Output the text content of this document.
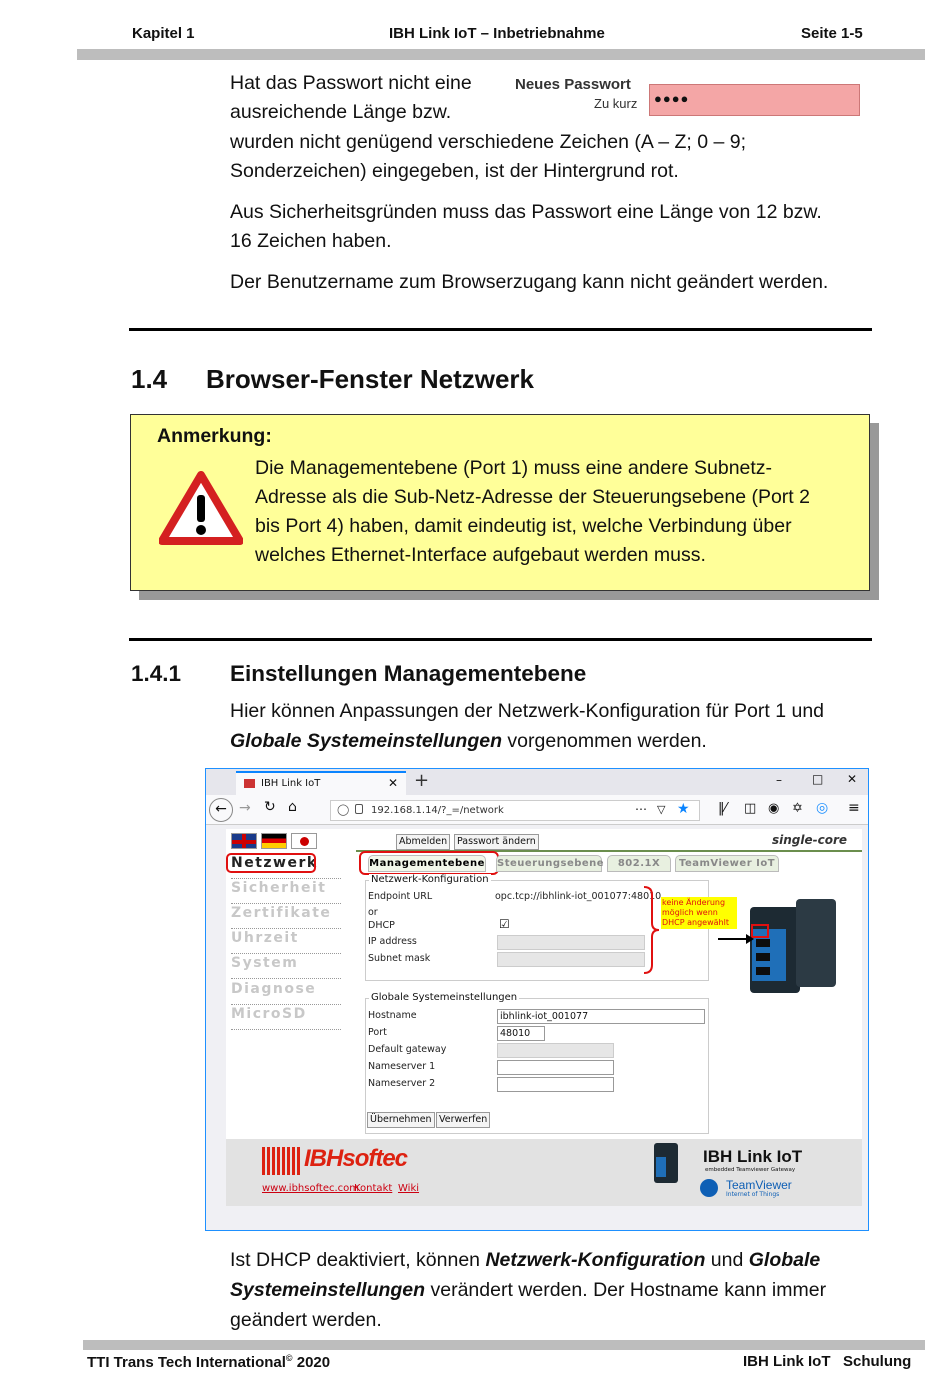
Kapitel 1	IBH Link IoT – Inbetriebnahme	Seite 1-5
Hat das Passwort nicht eine
ausreichende Länge bzw.
Neues Passwort
Zu kurz	●●●●
wurden nicht genügend verschiedene Zeichen (A – Z; 0 – 9;
Sonderzeichen) eingegeben, ist der Hintergrund rot.
Aus Sicherheitsgründen muss das Passwort eine Länge von 12 bzw.
16 Zeichen haben.
Der Benutzername zum Browserzugang kann nicht geändert werden.
1.4 Browser-Fenster Netzwerk
Anmerkung:
Die Managementebene (Port 1) muss eine andere Subnetz-
Adresse als die Sub-Netz-Adresse der Steuerungsebene (Port 2
bis Port 4) haben, damit eindeutig ist, welche Verbindung über
welches Ethernet-Interface aufgebaut werden muss.
1.4.1 Einstellungen Managementebene
Hier können Anpassungen der Netzwerk-Konfiguration für Port 1 und
Globale Systemeinstellungen vorgenommen werden.
IBH Link IoT	✕ +	–	□ ✕
← → ↻ ⌂	192.168.1.14/?_=/network
◯	⋯ ▽ ★ ‖⁄ ◫ ◉ ✡ ◎ ≡
Abmelden	Passwort ändern	single-core
Netzwerk
Sicherheit
Zertifikate
Uhrzeit
System
Diagnose
MicroSD
Managementebene Steuerungsebene	802.1X	TeamViewer IoT
Netzwerk-Konfiguration
Endpoint URL	opc.tcp://ibhlink-iot_001077:48010
or
DHCP	☑
IP address
Subnet mask
keine Änderung möglich wenn DHCP angewählt
Globale Systemeinstellungen
Hostname	ibhlink-iot_001077
Port	48010
Default gateway
Nameserver 1
Nameserver 2
Übernehmen Verwerfen
IBHsoftec
www.ibhsoftec.com
Kontakt Wiki
IBH Link IoT
embedded Teamviewer Gateway
TeamViewer
Internet of Things
Ist DHCP deaktiviert, können Netzwerk-Konfiguration und Globale
Systemeinstellungen verändert werden. Der Hostname kann immer
geändert werden.
TTI Trans Tech International© 2020	IBH Link IoT   Schulung
